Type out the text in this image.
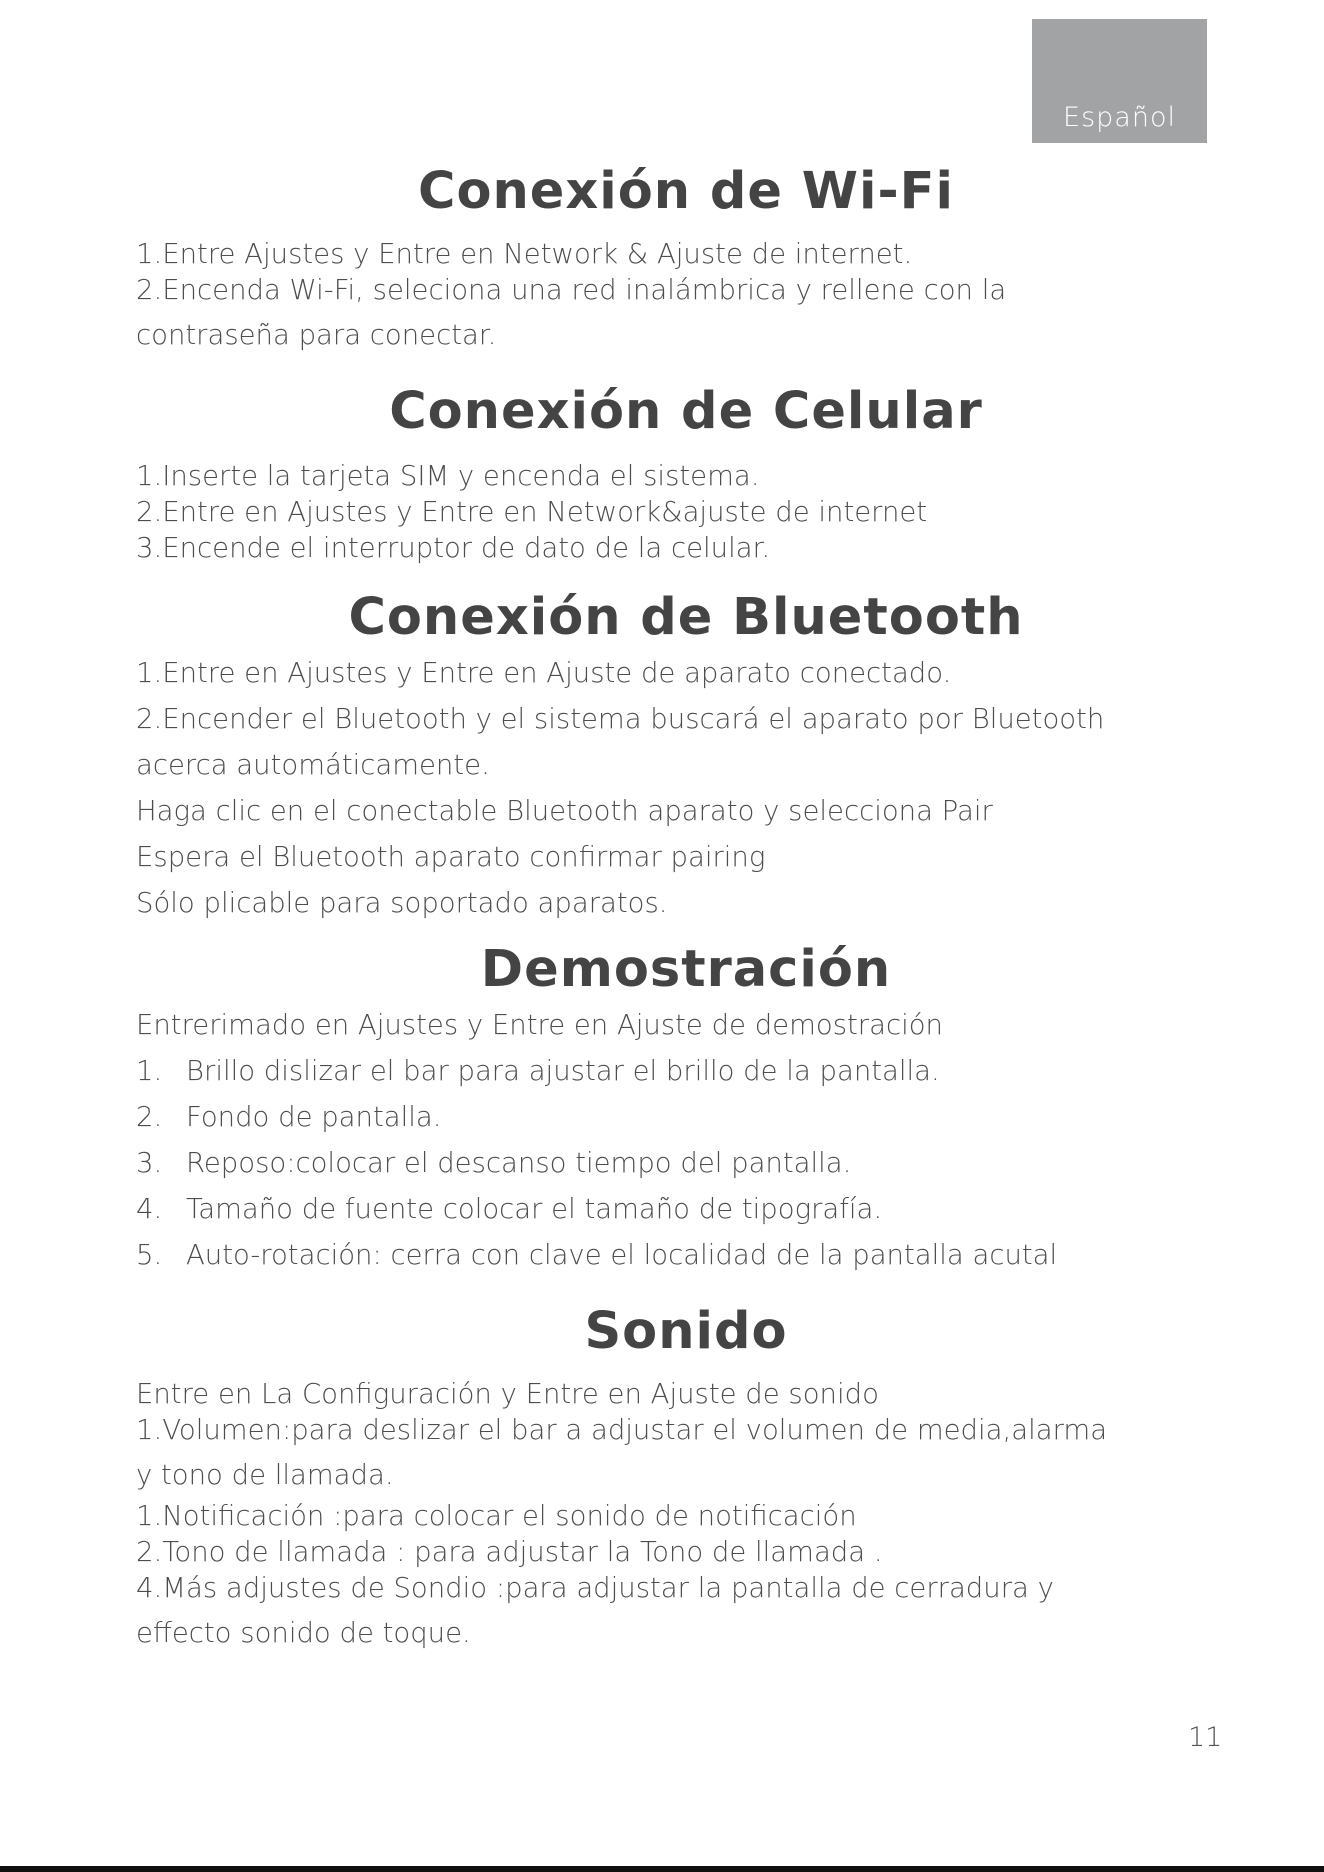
Español
Conexión de Wi-Fi
1.Entre Ajustes y Entre en Network & Ajuste de internet.
2.Encenda Wi-Fi, seleciona una red inalámbrica y rellene con la
contraseña para conectar.
Conexión de Celular
1.Inserte la tarjeta SIM y encenda el sistema.
2.Entre en Ajustes y Entre en Network&ajuste de internet
3.Encende el interruptor de dato de la celular.
Conexión de Bluetooth
1.Entre en Ajustes y Entre en Ajuste de aparato conectado.
2.Encender el Bluetooth y el sistema buscará el aparato por Bluetooth
acerca automáticamente.
Haga clic en el conectable Bluetooth aparato y selecciona Pair
Espera el Bluetooth aparato confirmar pairing
Sólo plicable para soportado aparatos.
Demostración
Entrerimado en Ajustes y Entre en Ajuste de demostración
1. Brillo dislizar el bar para ajustar el brillo de la pantalla.
2. Fondo de pantalla.
3. Reposo:colocar el descanso tiempo del pantalla.
4. Tamaño de fuente colocar el tamaño de tipografía.
5. Auto-rotación: cerra con clave el localidad de la pantalla acutal
Sonido
Entre en La Configuración y Entre en Ajuste de sonido
1.Volumen:para deslizar el bar a adjustar el volumen de media,alarma
y tono de llamada.
1.Notificación :para colocar el sonido de notificación
2.Tono de llamada : para adjustar la Tono de llamada .
4.Más adjustes de Sondio :para adjustar la pantalla de cerradura y
effecto sonido de toque.
11
